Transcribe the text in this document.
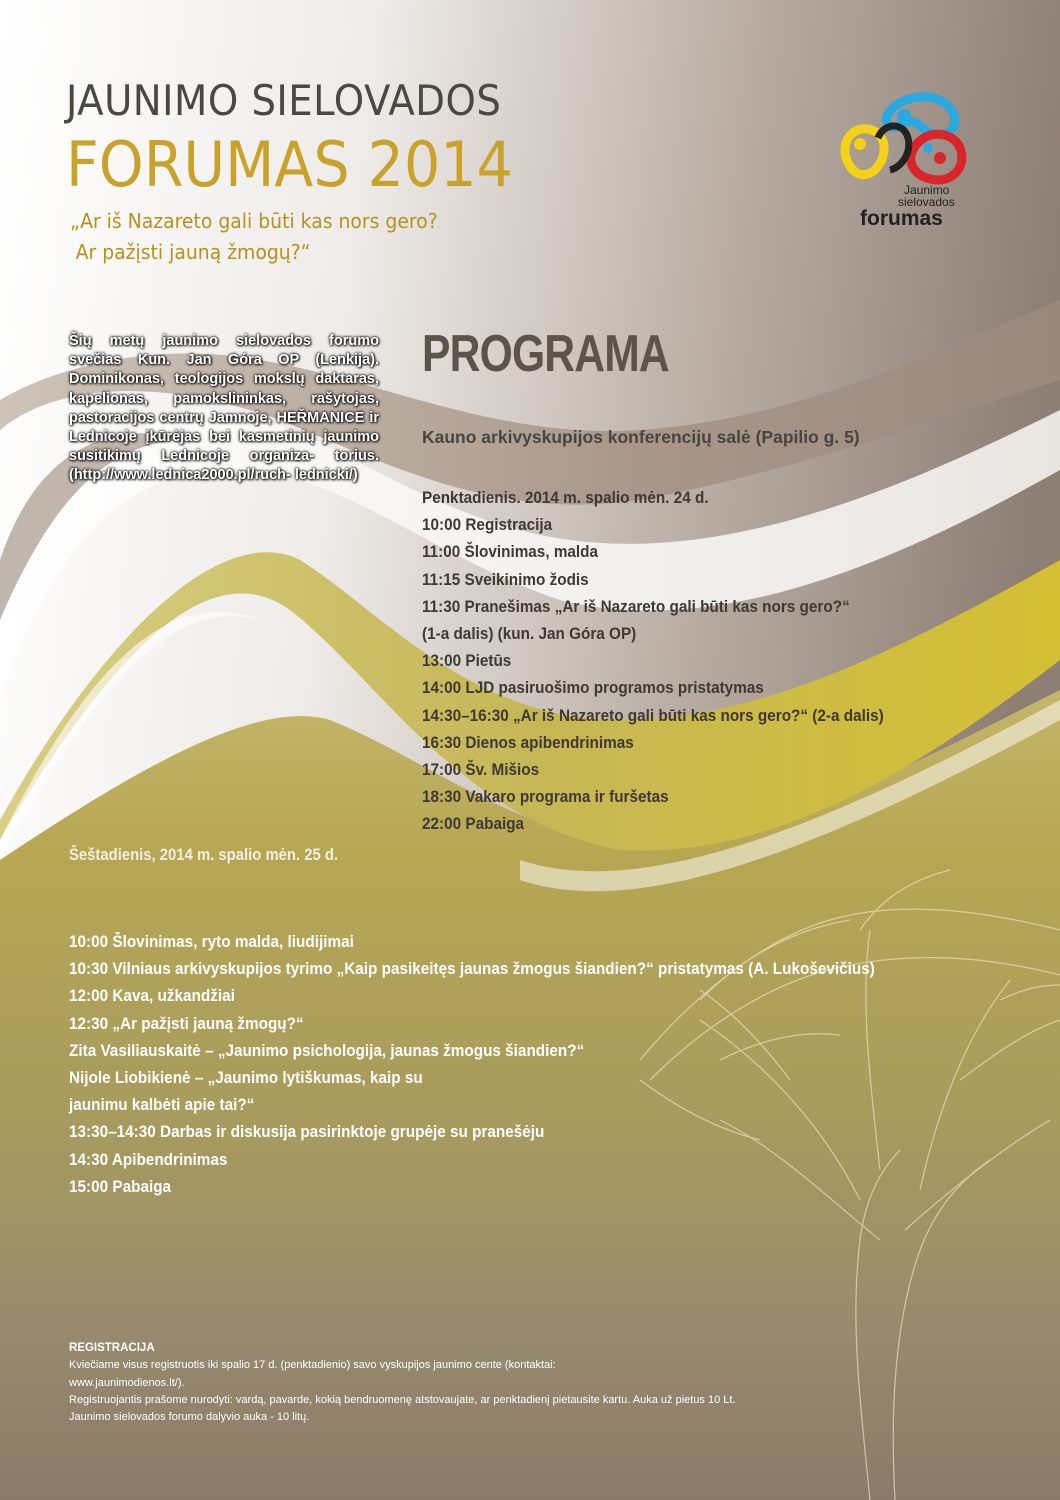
JAUNIMO SIELOVADOS
FORUMAS 2014
„Ar iš Nazareto gali būti kas nors gero?
Ar pažįsti jauną žmogų?“
Jaunimo
sielovados
forumas
Šių metų jaunimo sielovados forumo svečias Kun. Jan Góra OP (Lenkija). Dominikonas, teologijos mokslų daktaras, kapelionas, pamokslininkas, rašytojas, pastoracijos centrų Jamnoje, HEŘMANICE ir Lednicoje įkūrėjas bei kasmetinių jaunimo susitikimų Lednicoje organiza- torius. (http://www.lednica2000.pl/ruch- lednicki/)
PROGRAMA
Kauno arkivyskupijos konferencijų salė (Papilio g. 5)
Penktadienis. 2014 m. spalio mėn. 24 d.
10:00 Registracija
11:00 Šlovinimas, malda
11:15 Sveikinimo žodis
11:30 Pranešimas „Ar iš Nazareto gali būti kas nors gero?“
(1-a dalis) (kun. Jan Góra OP)
13:00 Pietūs
14:00 LJD pasiruošimo programos pristatymas
14:30–16:30 „Ar iš Nazareto gali būti kas nors gero?“ (2-a dalis)
16:30 Dienos apibendrinimas
17:00 Šv. Mišios
18:30 Vakaro programa ir furšetas
22:00 Pabaiga
Šeštadienis, 2014 m. spalio mėn. 25 d.
10:00 Šlovinimas, ryto malda, liudijimai
10:30 Vilniaus arkivyskupijos tyrimo „Kaip pasikeitęs jaunas žmogus šiandien?“ pristatymas (A. Lukoševičius)
12:00 Kava, užkandžiai
12:30 „Ar pažįsti jauną žmogų?“
Zita Vasiliauskaitė – „Jaunimo psichologija, jaunas žmogus šiandien?“
Nijole Liobikienė – „Jaunimo lytiškumas, kaip su
jaunimu kalbėti apie tai?“
13:30–14:30 Darbas ir diskusija pasirinktoje grupėje su pranešėju
14:30 Apibendrinimas
15:00 Pabaiga
REGISTRACIJA
Kviečiame visus registruotis iki spalio 17 d. (penktadienio) savo vyskupijos jaunimo cente (kontaktai:
www.jaunimodienos.lt/).
Registruojantis prašome nurodyti: vardą, pavarde, kokią bendruomenę atstovaujate, ar penktadienį pietausite kartu. Auka už pietus 10 Lt.
Jaunimo sielovados forumo dalyvio auka - 10 litų.
